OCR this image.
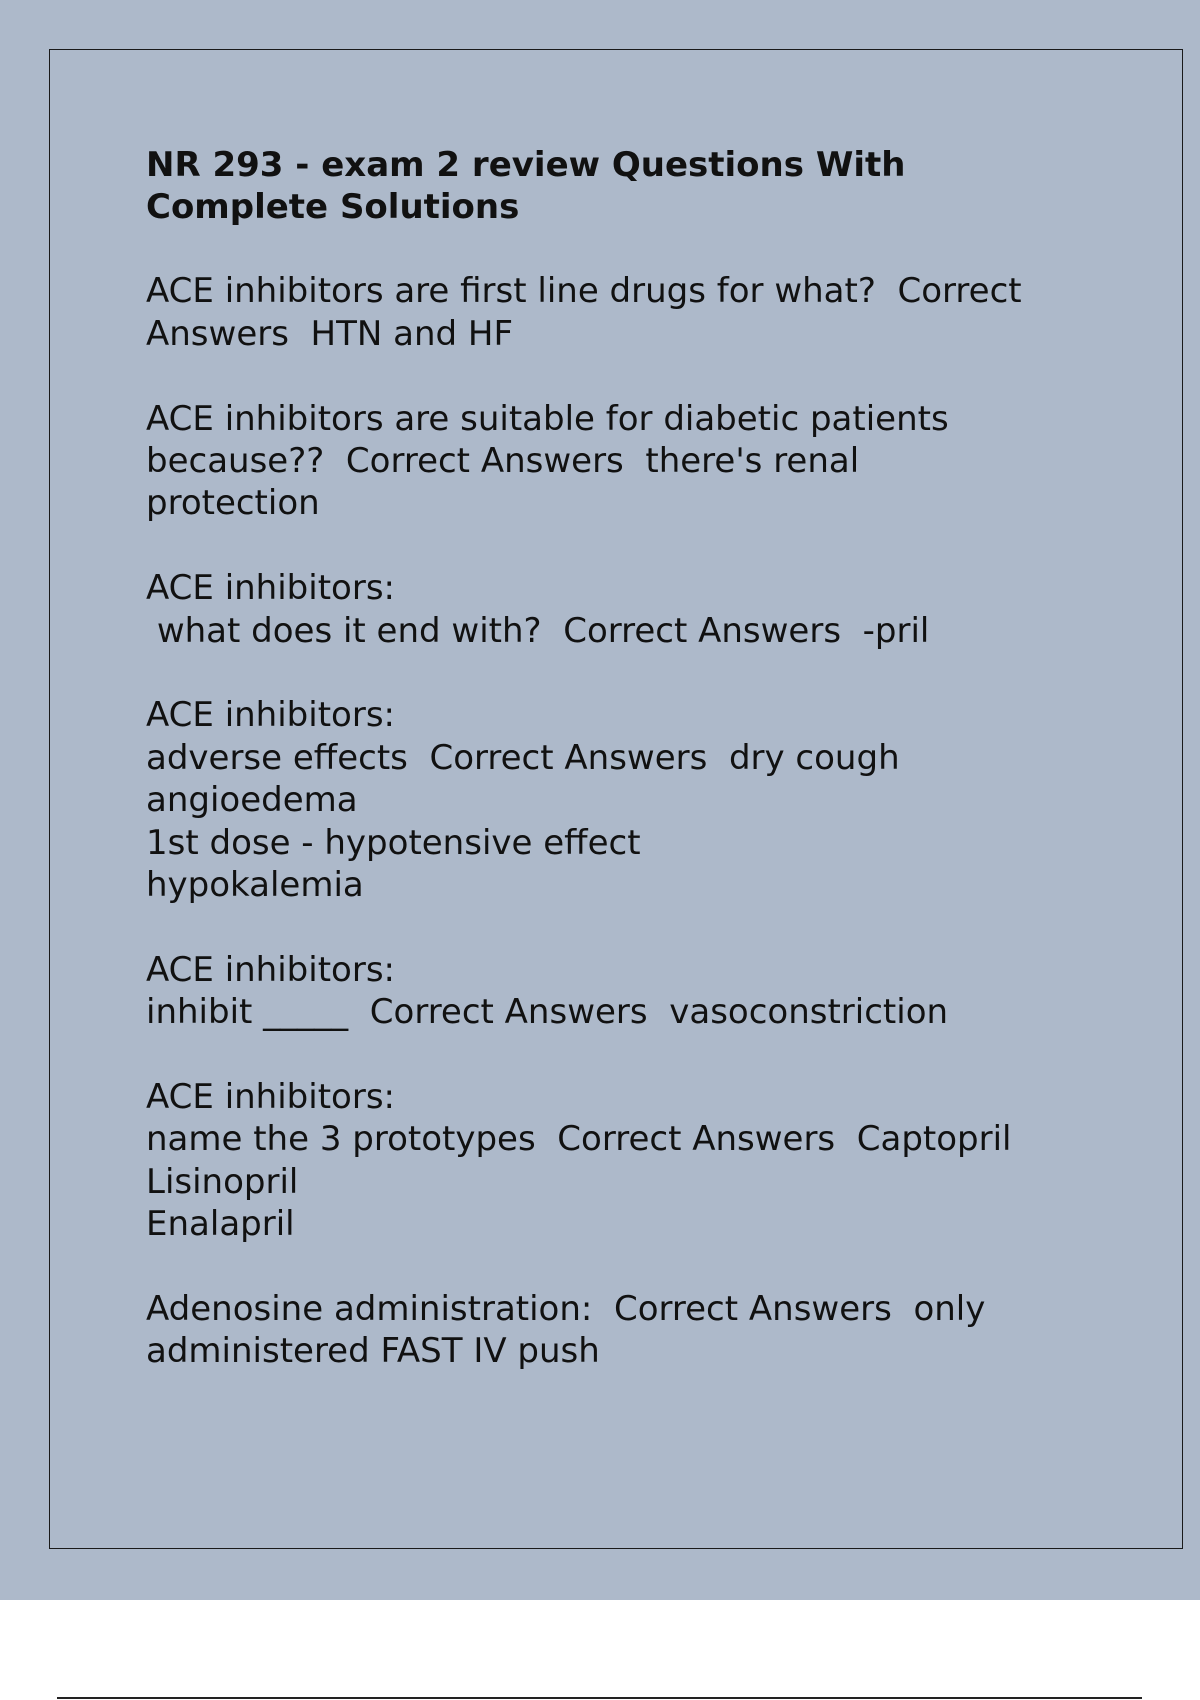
NR 293 - exam 2 review Questions With
Complete Solutions

ACE inhibitors are first line drugs for what?  Correct
Answers  HTN and HF

ACE inhibitors are suitable for diabetic patients
because??  Correct Answers  there's renal
protection

ACE inhibitors:
what does it end with?  Correct Answers  -pril

ACE inhibitors:
adverse effects  Correct Answers  dry cough
angioedema
1st dose - hypotensive effect
hypokalemia

ACE inhibitors:
inhibit _____  Correct Answers  vasoconstriction

ACE inhibitors:
name the 3 prototypes  Correct Answers  Captopril
Lisinopril
Enalapril

Adenosine administration:  Correct Answers  only
administered FAST IV push
